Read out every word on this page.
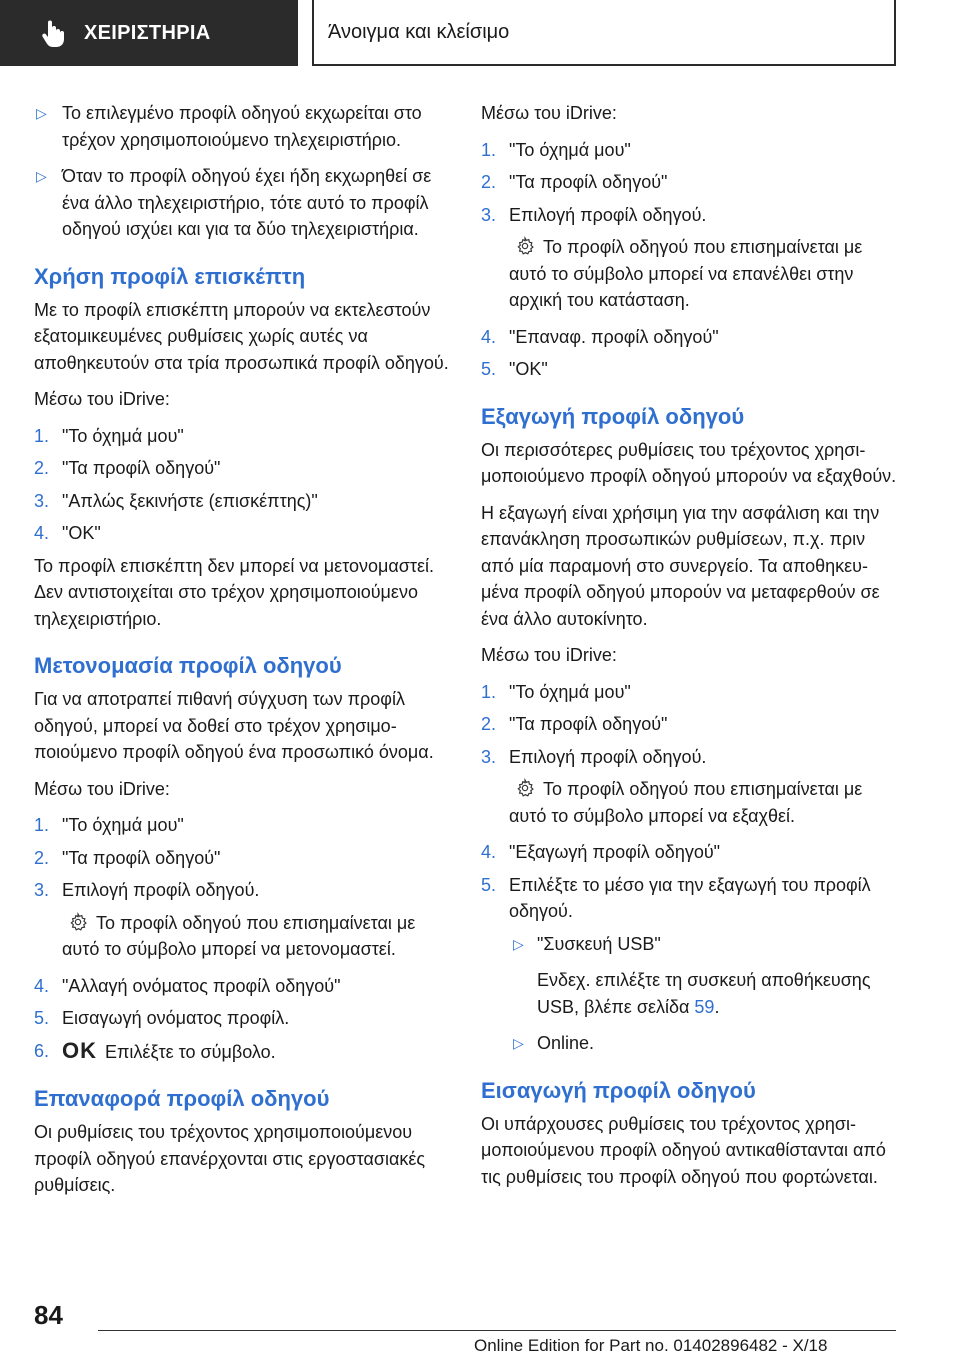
ΧΕΙΡΙΣΤΗΡΙΑ	Άνοιγμα και κλείσιμο
▷ Το επιλεγμένο προφίλ οδηγού εκχωρείται στο τρέχον χρησιμοποιούμενο τηλεχειριστήριο.
▷ Όταν το προφίλ οδηγού έχει ήδη εκχωρηθεί σε ένα άλλο τηλεχειριστήριο, τότε αυτό το προφίλ οδηγού ισχύει και για τα δύο τηλεχειριστήρια.
Χρήση προφίλ επισκέπτη

Με το προφίλ επισκέπτη μπορούν να εκτελεστούν εξατομικευμένες ρυθμίσεις χωρίς αυτές να αποθηκευτούν στα τρία προσωπικά προφίλ οδηγού.

Μέσω του iDrive:

1. "Το όχημά μου"
2. "Τα προφίλ οδηγού"
3. "Απλώς ξεκινήστε (επισκέπτης)"
4. "OK"

Το προφίλ επισκέπτη δεν μπορεί να μετονομαστεί. Δεν αντιστοιχείται στο τρέχον χρησιμοποιούμενο τηλεχειριστήριο.

Μετονομασία προφίλ οδηγού

Για να αποτραπεί πιθανή σύγχυση των προφίλ οδηγού, μπορεί να δοθεί στο τρέχον χρησιμοποιούμενο προφίλ οδηγού ένα προσωπικό όνομα.

Μέσω του iDrive:

1. "Το όχημά μου"
2. "Τα προφίλ οδηγού"
3. Επιλογή προφίλ οδηγού.
Το προφίλ οδηγού που επισημαίνεται με αυτό το σύμβολο μπορεί να μετονομαστεί.
4. "Αλλαγή ονόματος προφίλ οδηγού"
5. Εισαγωγή ονόματος προφίλ.
6. OK Επιλέξτε το σύμβολο.
Επαναφορά προφίλ οδηγού

Οι ρυθμίσεις του τρέχοντος χρησιμοποιούμενου προφίλ οδηγού επανέρχονται στις εργοστασιακές ρυθμίσεις.

Μέσω του iDrive:

1. "Το όχημά μου"
2. "Τα προφίλ οδηγού"
3. Επιλογή προφίλ οδηγού.
Το προφίλ οδηγού που επισημαίνεται με αυτό το σύμβολο μπορεί να επανέλθει στην αρχική του κατάσταση.
4. "Επαναφ. προφίλ οδηγού"
5. "OK"
Εξαγωγή προφίλ οδηγού

Οι περισσότερες ρυθμίσεις του τρέχοντος χρησιμοποιούμενο προφίλ οδηγού μπορούν να εξαχθούν.

Η εξαγωγή είναι χρήσιμη για την ασφάλιση και την επανάκληση προσωπικών ρυθμίσεων, π.χ. πριν από μία παραμονή στο συνεργείο. Τα αποθηκευμένα προφίλ οδηγού μπορούν να μεταφερθούν σε ένα άλλο αυτοκίνητο.

Μέσω του iDrive:

1. "Το όχημά μου"
2. "Τα προφίλ οδηγού"
3. Επιλογή προφίλ οδηγού.
Το προφίλ οδηγού που επισημαίνεται με αυτό το σύμβολο μπορεί να εξαχθεί.
4. "Εξαγωγή προφίλ οδηγού"
5. Επιλέξτε το μέσο για την εξαγωγή του προφίλ οδηγού.
▷ "Συσκευή USB"
Ενδεχ. επιλέξτε τη συσκευή αποθήκευσης USB, βλέπε σελίδα 59.
▷ Online.
Εισαγωγή προφίλ οδηγού

Οι υπάρχουσες ρυθμίσεις του τρέχοντος χρησιμοποιούμενου προφίλ οδηγού αντικαθίστανται από τις ρυθμίσεις του προφίλ οδηγού που φορτώνεται.

84
Online Edition for Part no. 01402896482 - X/18
